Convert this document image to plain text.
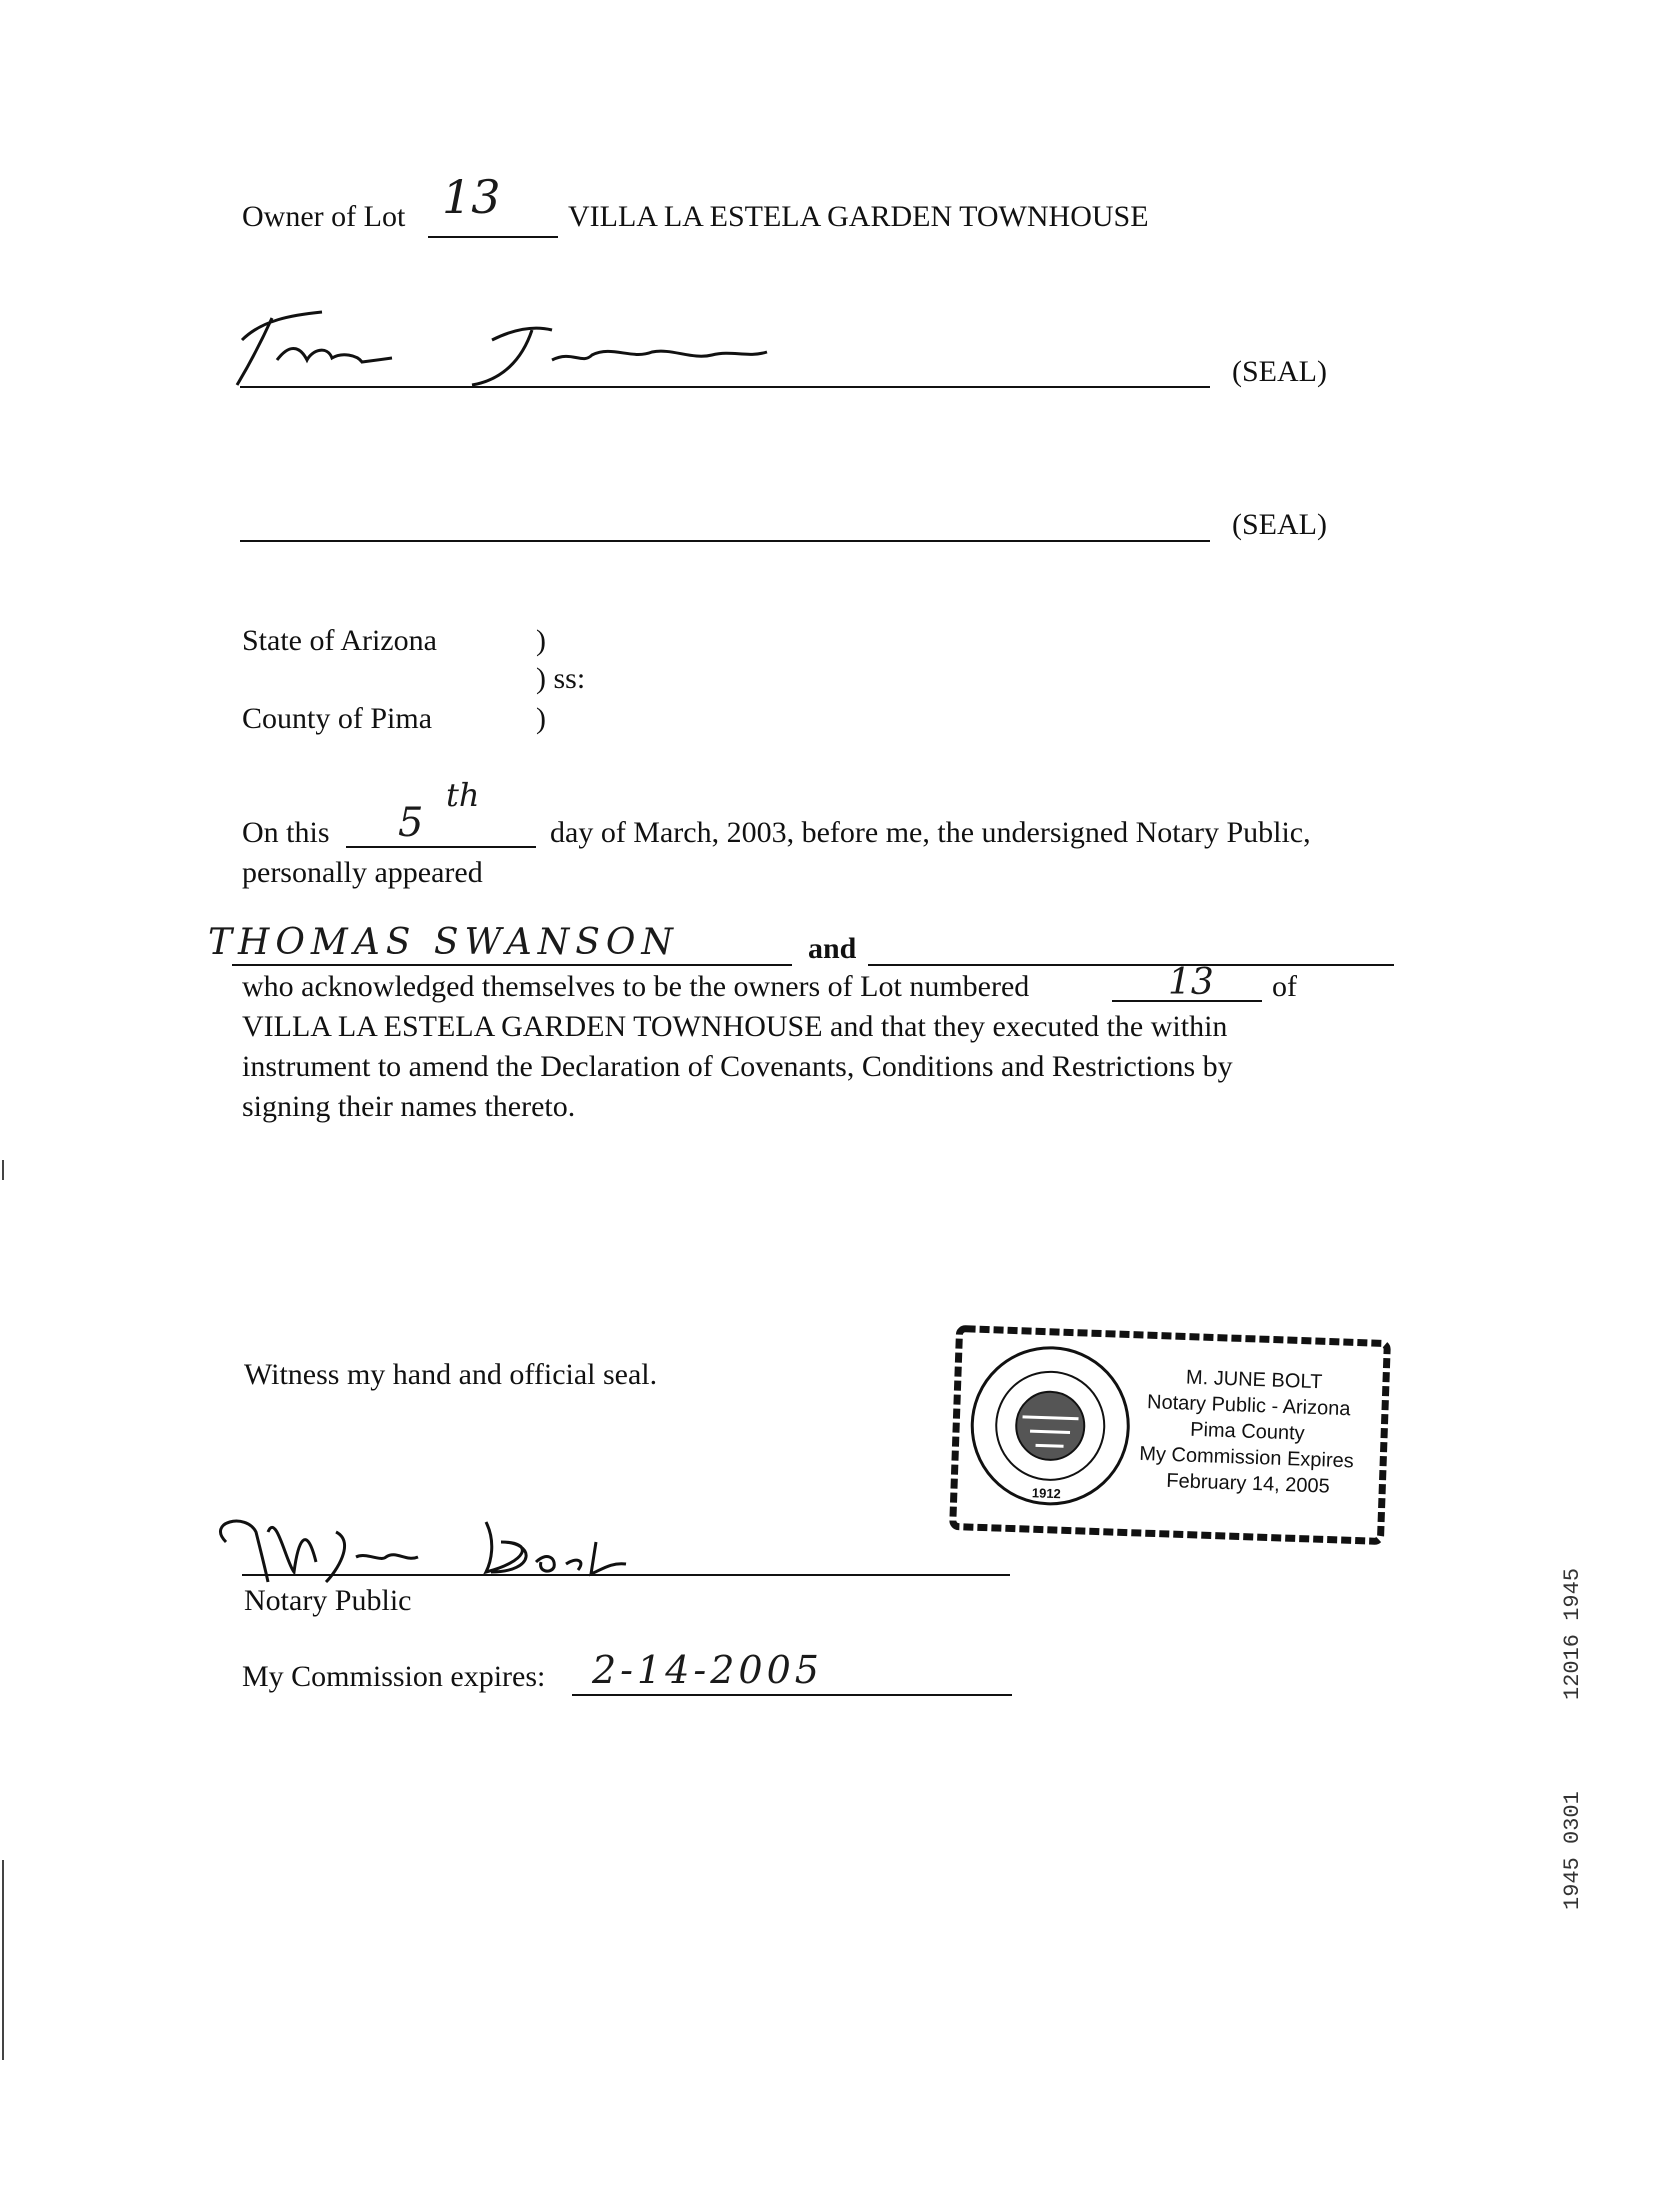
Owner of Lot 13 VILLA LA ESTELA GARDEN TOWNHOUSE
(SEAL)
(SEAL)
State of Arizona	)
) ss:
County of Pima	)
On this 5
th
day of March, 2003, before me, the undersigned Notary Public,
personally appeared
THOMAS SWANSON	and
who acknowledged themselves to be the owners of Lot numbered	13 of
VILLA LA ESTELA GARDEN TOWNHOUSE and that they executed the within
instrument to amend the Declaration of Covenants, Conditions and Restrictions by
signing their names thereto.
Witness my hand and official seal.
1912
M. JUNE BOLT
Notary Public - Arizona
Pima County
My Commission Expires
February 14, 2005
Notary Public
My Commission expires: 2-14-2005	12016 1945
1945 0301
